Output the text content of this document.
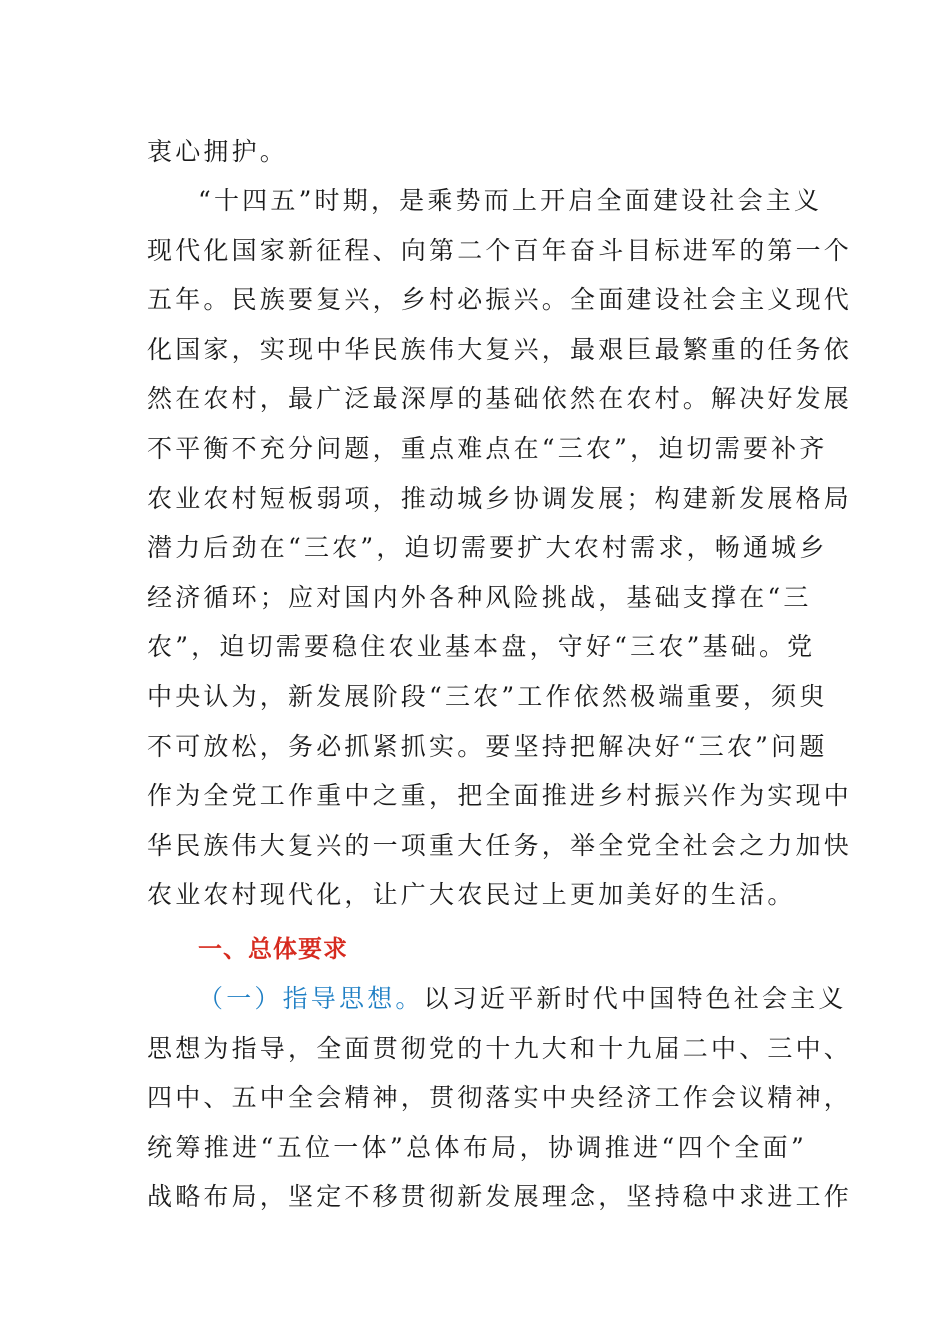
衷心拥护。
“十四五”时期，是乘势而上开启全面建设社会主义
现代化国家新征程、向第二个百年奋斗目标进军的第一个
五年。民族要复兴，乡村必振兴。全面建设社会主义现代
化国家，实现中华民族伟大复兴，最艰巨最繁重的任务依
然在农村，最广泛最深厚的基础依然在农村。解决好发展
不平衡不充分问题，重点难点在“三农”，迫切需要补齐
农业农村短板弱项，推动城乡协调发展；构建新发展格局
潜力后劲在“三农”，迫切需要扩大农村需求，畅通城乡
经济循环；应对国内外各种风险挑战，基础支撑在“三
农”，迫切需要稳住农业基本盘，守好“三农”基础。党
中央认为，新发展阶段“三农”工作依然极端重要，须臾
不可放松，务必抓紧抓实。要坚持把解决好“三农”问题
作为全党工作重中之重，把全面推进乡村振兴作为实现中
华民族伟大复兴的一项重大任务，举全党全社会之力加快
农业农村现代化，让广大农民过上更加美好的生活。
一、总体要求
（一）指导思想。以习近平新时代中国特色社会主义
思想为指导，全面贯彻党的十九大和十九届二中、三中、
四中、五中全会精神，贯彻落实中央经济工作会议精神，
统筹推进“五位一体”总体布局，协调推进“四个全面”
战略布局，坚定不移贯彻新发展理念，坚持稳中求进工作
